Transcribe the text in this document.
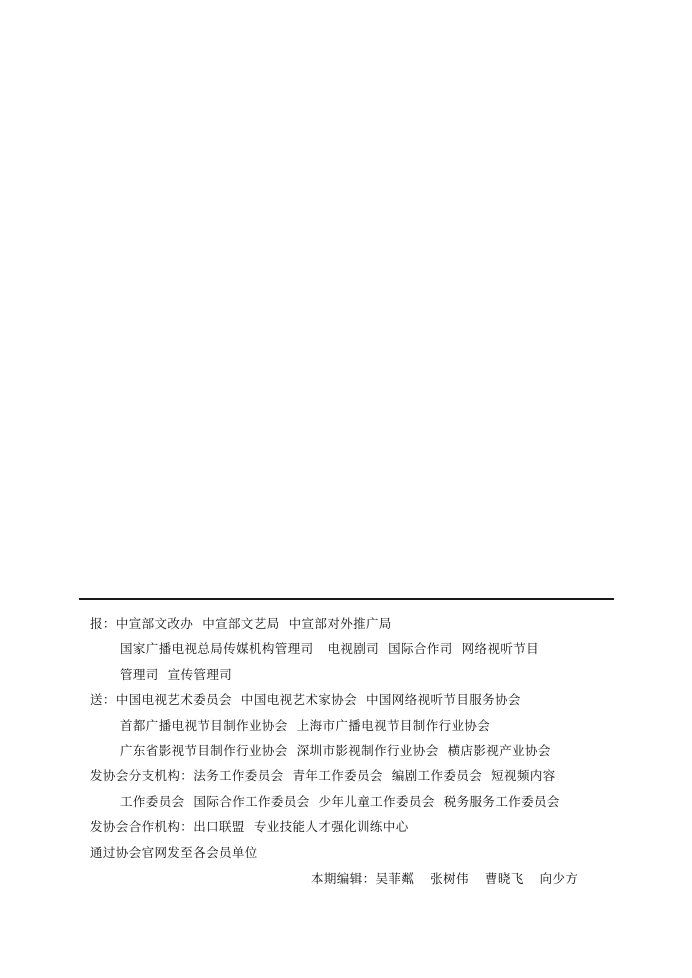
报：中宣部文改办 中宣部文艺局 中宣部对外推广局
国家广播电视总局传媒机构管理司 电视剧司 国际合作司 网络视听节目
管理司 宣传管理司
送：中国电视艺术委员会 中国电视艺术家协会 中国网络视听节目服务协会
首都广播电视节目制作业协会 上海市广播电视节目制作行业协会
广东省影视节目制作行业协会 深圳市影视制作行业协会 横店影视产业协会
发协会分支机构：法务工作委员会 青年工作委员会 编剧工作委员会 短视频内容
工作委员会 国际合作工作委员会 少年儿童工作委员会 税务服务工作委员会
发协会合作机构：出口联盟 专业技能人才强化训练中心
通过协会官网发至各会员单位
本期编辑：吴菲粼 张树伟 曹晓飞 向少方
